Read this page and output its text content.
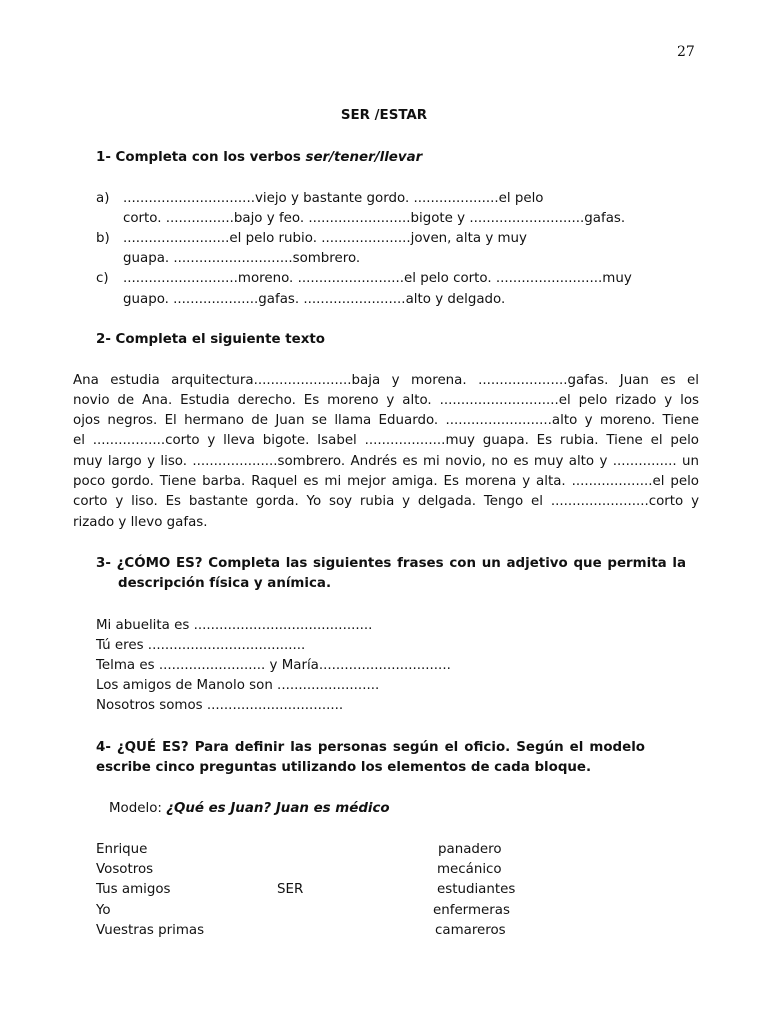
27
SER /ESTAR
1- Completa con los verbos ser/tener/llevar
a) ...............................viejo y bastante gordo. ....................el pelo
corto. ................bajo y feo. ........................bigote y ...........................gafas.
b) .........................el pelo rubio. .....................joven, alta y muy
guapa. ............................sombrero.
c) ...........................moreno. .........................el pelo corto. .........................muy
guapo. ....................gafas. ........................alto y delgado.
2- Completa el siguiente texto
Ana estudia arquitectura.......................baja y morena. .....................gafas. Juan es el
novio de Ana. Estudia derecho. Es moreno y alto. ............................el pelo rizado y los
ojos negros. El hermano de Juan se llama Eduardo. .........................alto y moreno. Tiene
el .................corto y lleva bigote. Isabel ...................muy guapa. Es rubia. Tiene el pelo
muy largo y liso. ....................sombrero. Andrés es mi novio, no es muy alto y ............... un
poco gordo. Tiene barba. Raquel es mi mejor amiga. Es morena y alta. ...................el pelo
corto y liso. Es bastante gorda. Yo soy rubia y delgada. Tengo el .......................corto y
rizado y llevo gafas.
3- ¿CÓMO ES? Completa las siguientes frases con un adjetivo que permita la
descripción física y anímica.
Mi abuelita es ..........................................
Tú eres .....................................
Telma es ......................... y María...............................
Los amigos de Manolo son ........................
Nosotros somos ................................
4- ¿QUÉ ES? Para definir las personas según el oficio. Según el modelo
escribe cinco preguntas utilizando los elementos de cada bloque.
Modelo: ¿Qué es Juan? Juan es médico
Enrique
Vosotros
Tus amigos
Yo
Vuestras primas
SER
panadero
mecánico
estudiantes
enfermeras
camareros
